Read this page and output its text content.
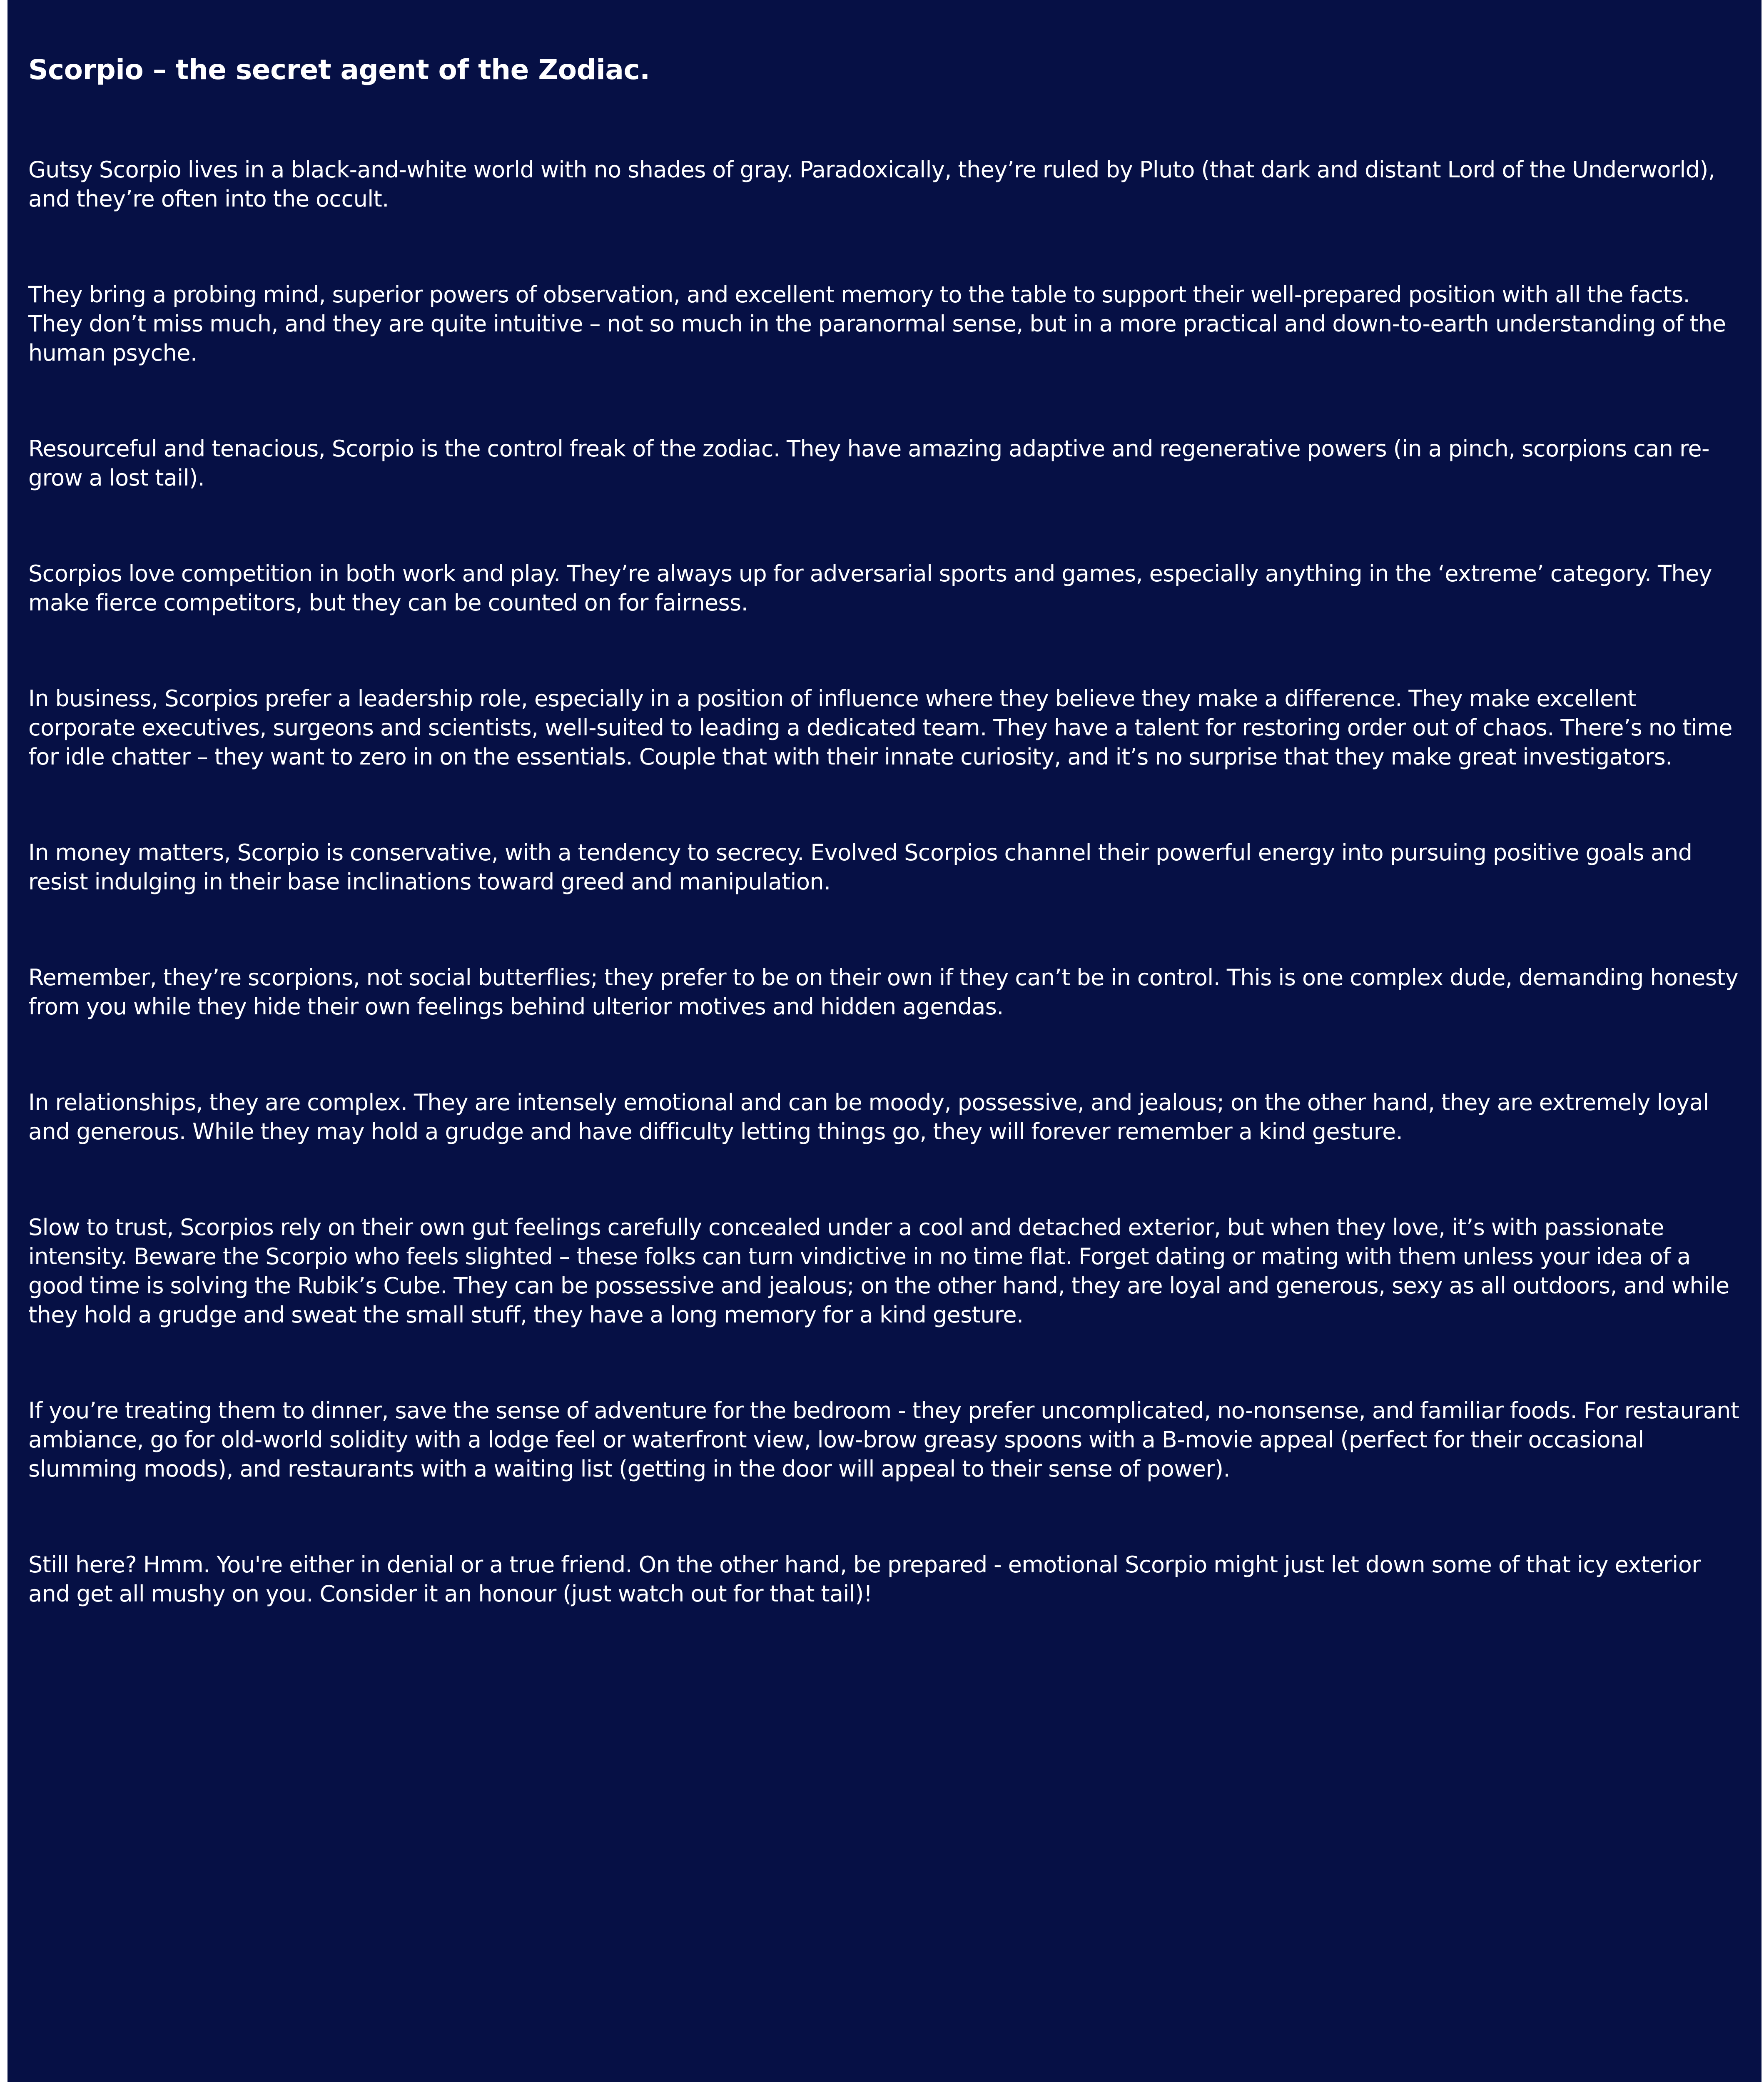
Scorpio – the secret agent of the Zodiac.

Gutsy Scorpio lives in a black-and-white world with no shades of gray. Paradoxically, they’re ruled by Pluto (that dark and distant Lord of the Underworld), and they’re often into the occult.

They bring a probing mind, superior powers of observation, and excellent memory to the table to support their well-prepared position with all the facts. They don’t miss much, and they are quite intuitive – not so much in the paranormal sense, but in a more practical and down-to-earth understanding of the human psyche.

Resourceful and tenacious, Scorpio is the control freak of the zodiac. They have amazing adaptive and regenerative powers (in a pinch, scorpions can re-grow a lost tail).

Scorpios love competition in both work and play. They’re always up for adversarial sports and games, especially anything in the ‘extreme’ category. They make fierce competitors, but they can be counted on for fairness.

In business, Scorpios prefer a leadership role, especially in a position of influence where they believe they make a difference. They make excellent corporate executives, surgeons and scientists, well-suited to leading a dedicated team. They have a talent for restoring order out of chaos. There’s no time for idle chatter – they want to zero in on the essentials. Couple that with their innate curiosity, and it’s no surprise that they make great investigators.

In money matters, Scorpio is conservative, with a tendency to secrecy. Evolved Scorpios channel their powerful energy into pursuing positive goals and resist indulging in their base inclinations toward greed and manipulation.

Remember, they’re scorpions, not social butterflies; they prefer to be on their own if they can’t be in control. This is one complex dude, demanding honesty from you while they hide their own feelings behind ulterior motives and hidden agendas.

In relationships, they are complex. They are intensely emotional and can be moody, possessive, and jealous; on the other hand, they are extremely loyal and generous. While they may hold a grudge and have difficulty letting things go, they will forever remember a kind gesture.

Slow to trust, Scorpios rely on their own gut feelings carefully concealed under a cool and detached exterior, but when they love, it’s with passionate intensity. Beware the Scorpio who feels slighted – these folks can turn vindictive in no time flat. Forget dating or mating with them unless your idea of a good time is solving the Rubik’s Cube. They can be possessive and jealous; on the other hand, they are loyal and generous, sexy as all outdoors, and while they hold a grudge and sweat the small stuff, they have a long memory for a kind gesture.

If you’re treating them to dinner, save the sense of adventure for the bedroom - they prefer uncomplicated, no-nonsense, and familiar foods. For restaurant ambiance, go for old-world solidity with a lodge feel or waterfront view, low-brow greasy spoons with a B-movie appeal (perfect for their occasional slumming moods), and restaurants with a waiting list (getting in the door will appeal to their sense of power).

Still here? Hmm. You're either in denial or a true friend. On the other hand, be prepared - emotional Scorpio might just let down some of that icy exterior and get all mushy on you. Consider it an honour (just watch out for that tail)!
